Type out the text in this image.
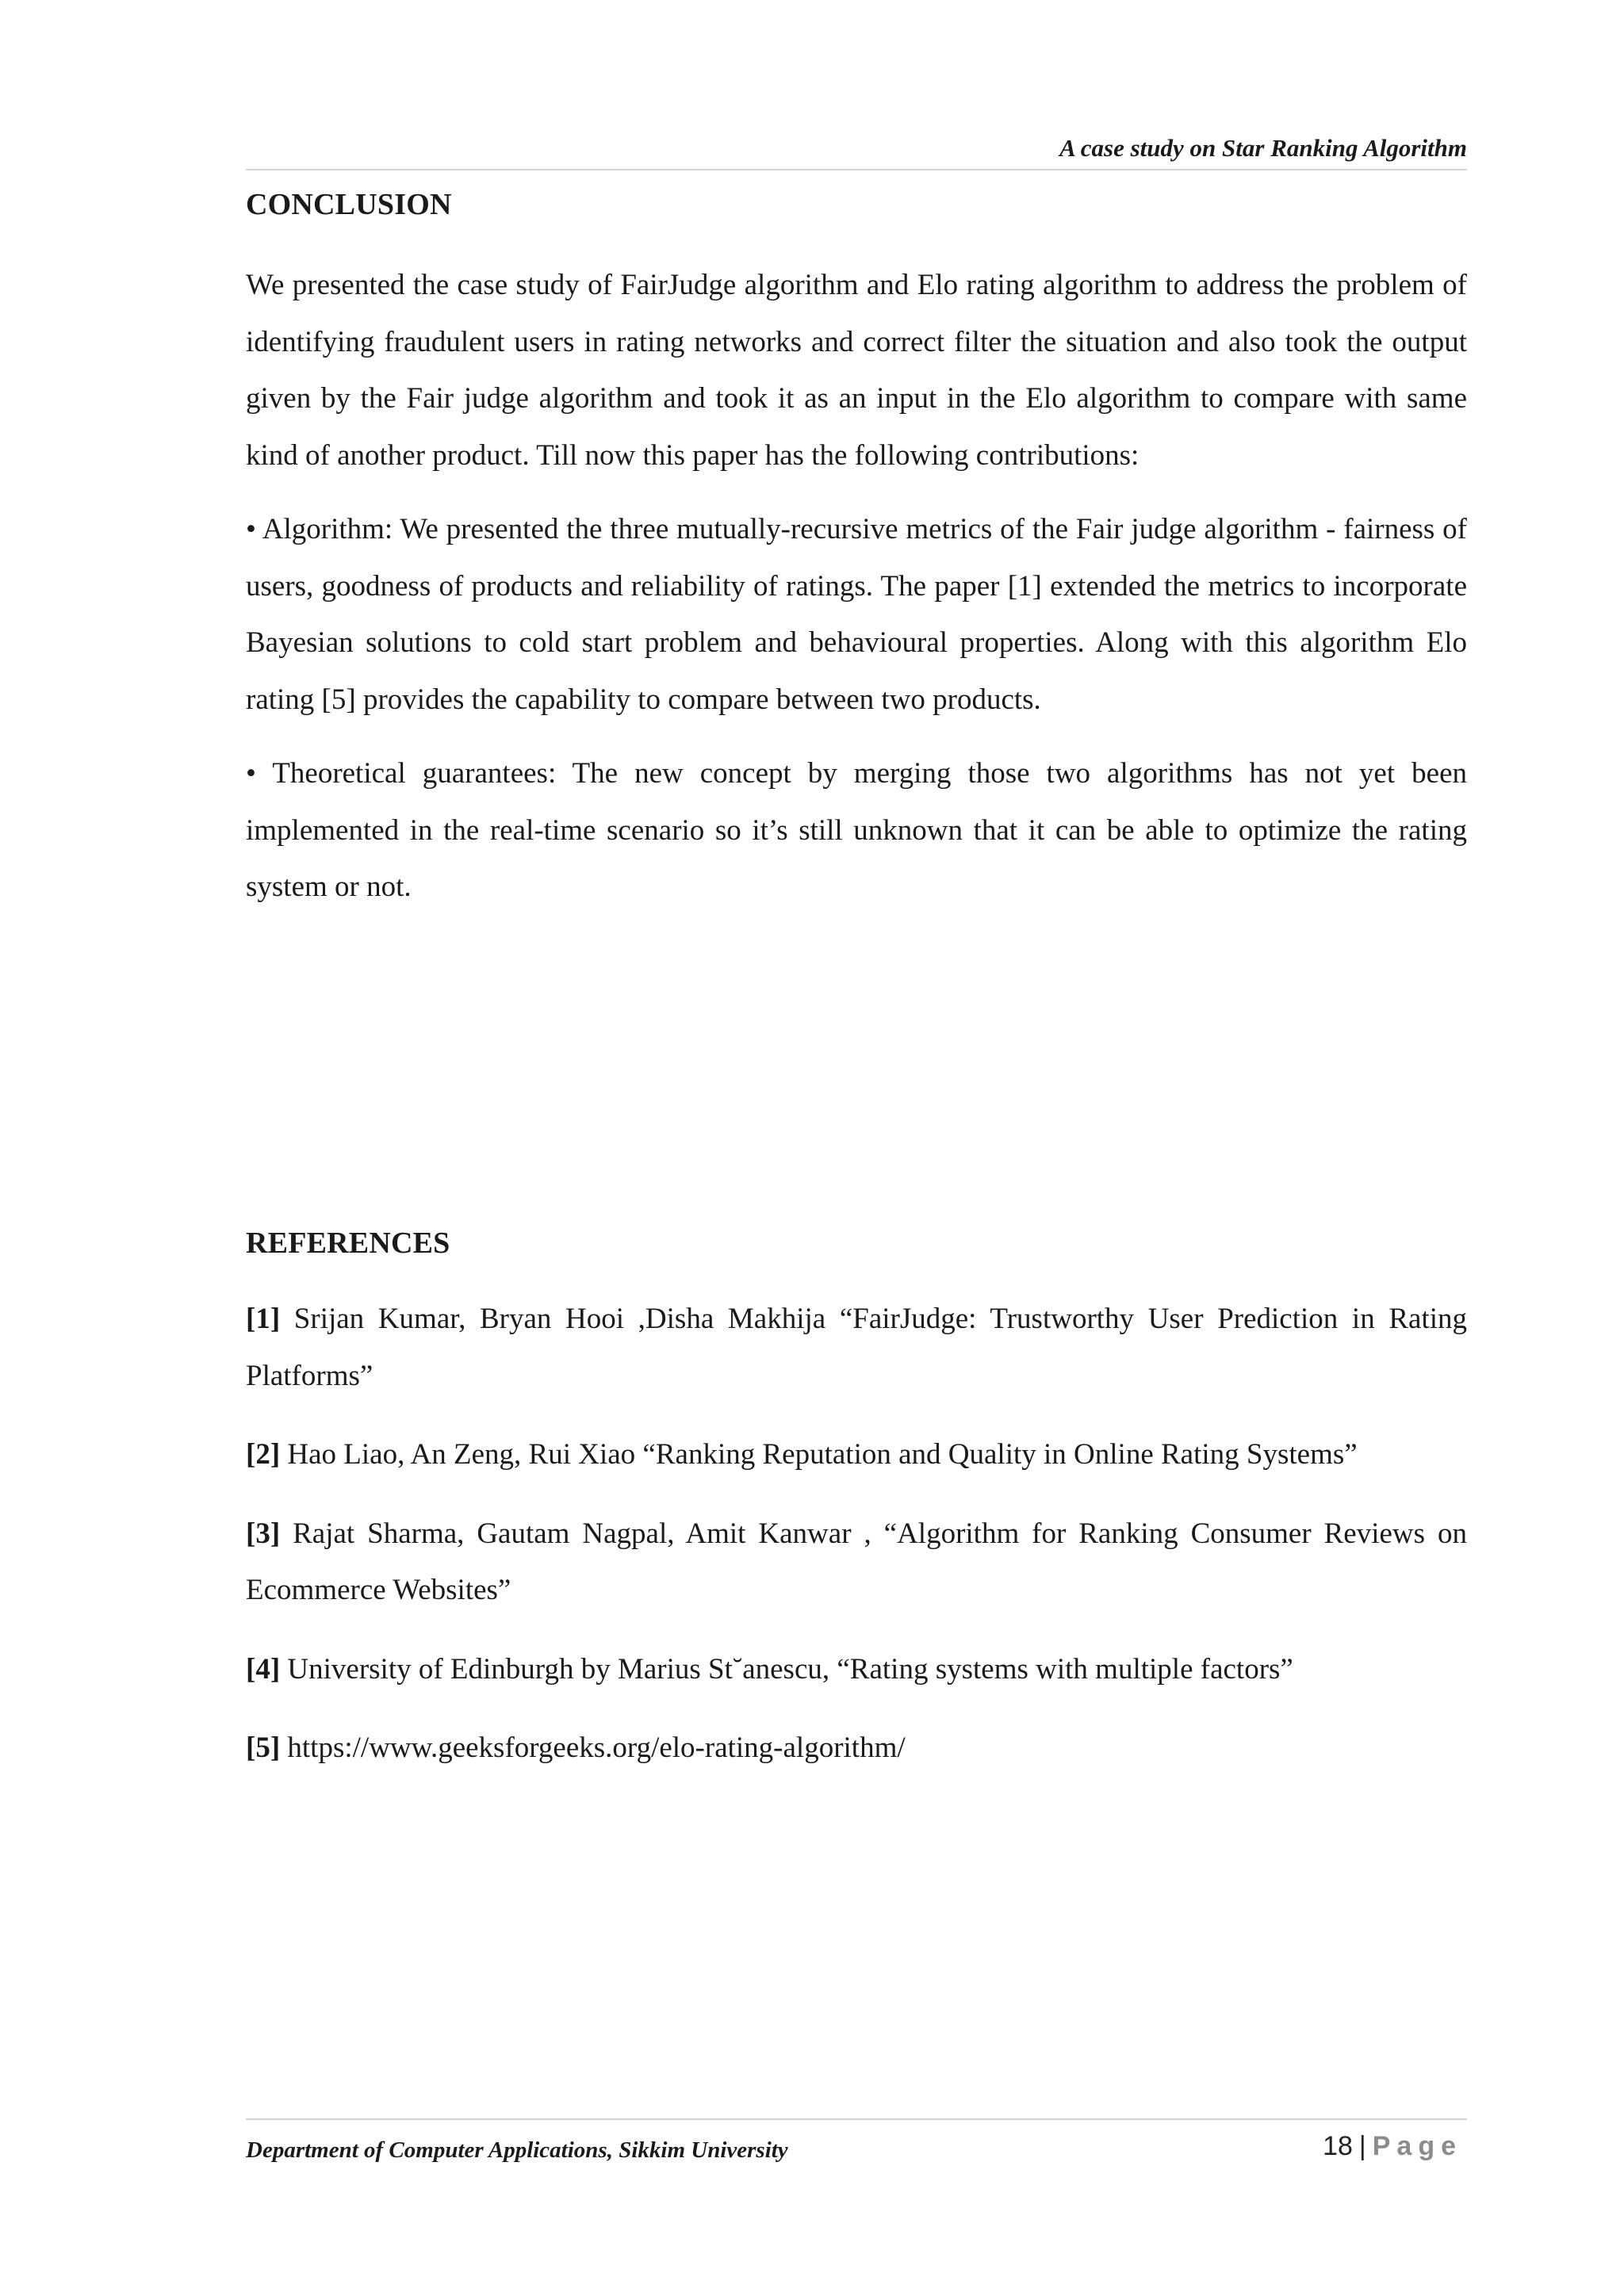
A case study on Star Ranking Algorithm
CONCLUSION

We presented the case study of FairJudge algorithm and Elo rating algorithm to address the problem of identifying fraudulent users in rating networks and correct filter the situation and also took the output given by the Fair judge algorithm and took it as an input in the Elo algorithm to compare with same kind of another product. Till now this paper has the following contributions:

• Algorithm: We presented the three mutually-recursive metrics of the Fair judge algorithm - fairness of users, goodness of products and reliability of ratings. The paper [1] extended the metrics to incorporate Bayesian solutions to cold start problem and behavioural properties. Along with this algorithm Elo rating [5] provides the capability to compare between two products.

• Theoretical guarantees: The new concept by merging those two algorithms has not yet been implemented in the real-time scenario so it’s still unknown that it can be able to optimize the rating system or not.

REFERENCES

[1] Srijan Kumar, Bryan Hooi ,Disha Makhija “FairJudge: Trustworthy User Prediction in Rating Platforms”

[2] Hao Liao, An Zeng, Rui Xiao “Ranking Reputation and Quality in Online Rating Systems”

[3] Rajat Sharma, Gautam Nagpal, Amit Kanwar , “Algorithm for Ranking Consumer Reviews on Ecommerce Websites”

[4] University of Edinburgh by Marius St˘anescu, “Rating systems with multiple factors”

[5] https://www.geeksforgeeks.org/elo-rating-algorithm/

Department of Computer Applications, Sikkim University	18 | Page
